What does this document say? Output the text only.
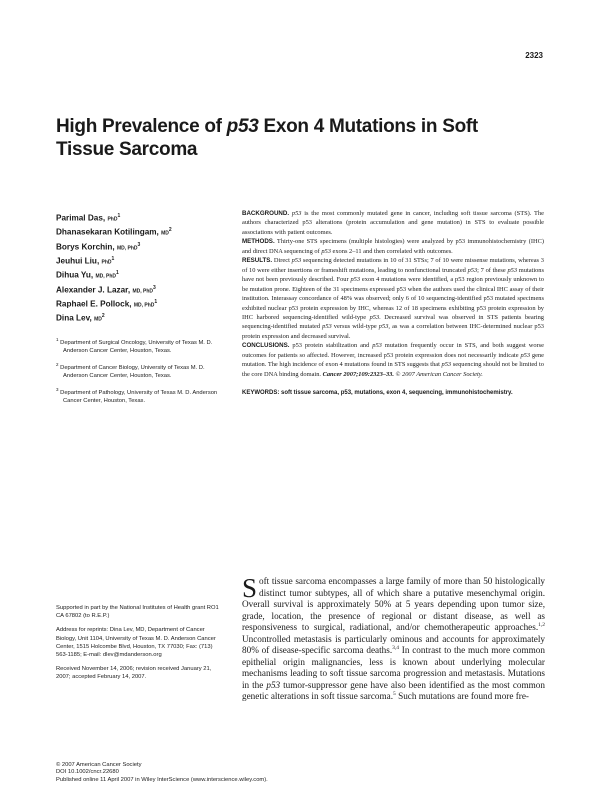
2323
High Prevalence of p53 Exon 4 Mutations in Soft Tissue Sarcoma
Parimal Das, PhD$^1$
Dhanasekaran Kotilingam, $MD^2$
Borys Korchin, MD, PhD$^3$
Jeuhui Liu, PhD$^1$
Dihua Yu, MD, PhD$^1$
Alexander J. Lazar, MD, PhD$^3$
Raphael E. Pollock, MD, PhD$^1$
Dina Lev, $MD^2$
$^1$ Department of Surgical Oncology, University of Texas M. D. Anderson Cancer Center, Houston, Texas.
$^2$ Department of Cancer Biology, University of Texas M. D. Anderson Cancer Center, Houston, Texas.
$^3$ Department of Pathology, University of Texas M. D. Anderson Cancer Center, Houston, Texas.

Supported in part by the National Institutes of Health grant RO1 CA 67802 (to R.E.P.)

Address for reprints: Dina Lev, MD, Department of Cancer Biology, Unit 1104, University of Texas M. D. Anderson Cancer Center, 1515 Holcombe Blvd, Houston, TX 77030; Fax: (713) 563-1185; E-mail: dlev@mdanderson.org

Received November 14, 2006; revision received January 21, 2007; accepted February 14, 2007.

BACKGROUND. p53 is the most commonly mutated gene in cancer, including soft tissue sarcoma (STS). The authors characterized p53 alterations (protein accumulation and gene mutation) in STS to evaluate possible associations with patient outcomes.

METHODS. Thirty-one STS specimens (multiple histologies) were analyzed by p53 immunohistochemistry (IHC) and direct DNA sequencing of p53 exons 2–11 and then correlated with outcomes.

RESULTS. Direct p53 sequencing detected mutations in 10 of 31 STSs; 7 of 10 were missense mutations, whereas 3 of 10 were either insertions or frameshift mutations, leading to nonfunctional truncated p53; 7 of these p53 mutations have not been previously described. Four p53 exon 4 mutations were identified, a p53 region previously unknown to be mutation prone. Eighteen of the 31 specimens expressed p53 when the authors used the clinical IHC assay of their institution. Interassay concordance of 48% was observed; only 6 of 10 sequencing-identified p53 mutated specimens exhibited nuclear p53 protein expression by IHC, whereas 12 of 18 specimens exhibiting p53 protein expression by IHC harbored sequencing-identified wild-type p53. Decreased survival was observed in STS patients bearing sequencing-identified mutated p53 versus wild-type p53, as was a correlation between IHC-determined nuclear p53 protein expression and decreased survival.

CONCLUSIONS. p53 protein stabilization and p53 mutation frequently occur in STS, and both suggest worse outcomes for patients so affected. However, increased p53 protein expression does not necessarily indicate p53 gene mutation. The high incidence of exon 4 mutations found in STS suggests that p53 sequencing should not be limited to the core DNA binding domain. Cancer 2007;109:2323–33. © 2007 American Cancer Society.

KEYWORDS: soft tissue sarcoma, p53, mutations, exon 4, sequencing, immunohistochemistry.

Soft tissue sarcoma encompasses a large family of more than 50 histologically distinct tumor subtypes, all of which share a putative mesenchymal origin. Overall survival is approximately 50% at 5 years depending upon tumor size, grade, location, the presence of regional or distant disease, as well as responsiveness to surgical, radiational, and/or chemotherapeutic approaches.$^{1,2}$ Uncontrolled metastasis is particularly ominous and accounts for approximately 80% of disease-specific sarcoma deaths.$^{3,4}$ In contrast to the much more common epithelial origin malignancies, less is known about underlying molecular mechanisms leading to soft tissue sarcoma progression and metastasis. Mutations in the p53 tumor-suppressor gene have also been identified as the most common genetic alterations in soft tissue sarcoma.$^5$ Such mutations are found more fre-

© 2007 American Cancer Society
DOI 10.1002/cncr.22680
Published online 11 April 2007 in Wiley InterScience (www.interscience.wiley.com).
